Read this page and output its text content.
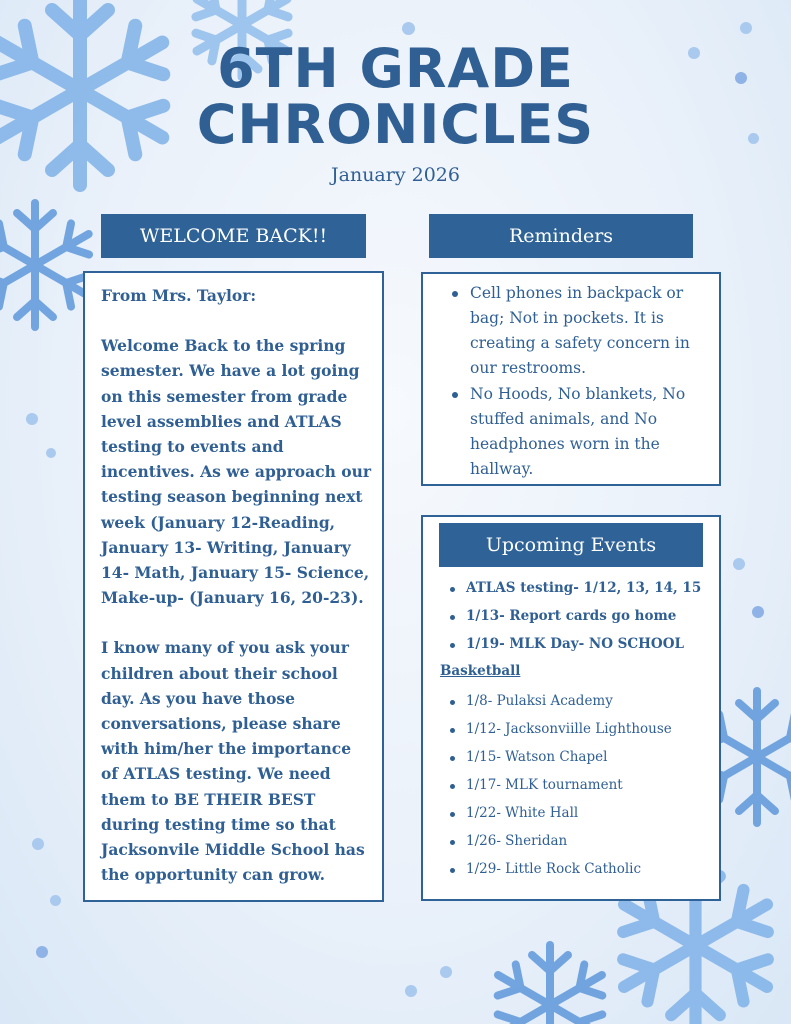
6TH GRADE
CHRONICLES
January 2026
WELCOME BACK!!

From Mrs. Taylor:

Welcome Back to the spring semester. We have a lot going on this semester from grade level assemblies and ATLAS testing to events and incentives. As we approach our testing season beginning next week (January 12-Reading, January 13- Writing, January 14- Math, January 15- Science, Make-up- (January 16, 20-23).

I know many of you ask your children about their school day. As you have those conversations, please share with him/her the importance of ATLAS testing. We need them to BE THEIR BEST during testing time so that Jacksonvile Middle School has the opportunity can grow.

Reminders
Cell phones in backpack or bag; Not in pockets. It is creating a safety concern in our restrooms.
No Hoods, No blankets, No stuffed animals, and No headphones worn in the hallway.
Upcoming Events
ATLAS testing- 1/12, 13, 14, 15
1/13- Report cards go home
1/19- MLK Day- NO SCHOOL
Basketball
1/8- Pulaksi Academy
1/12- Jacksonviille Lighthouse
1/15- Watson Chapel
1/17- MLK tournament
1/22- White Hall
1/26- Sheridan
1/29- Little Rock Catholic
